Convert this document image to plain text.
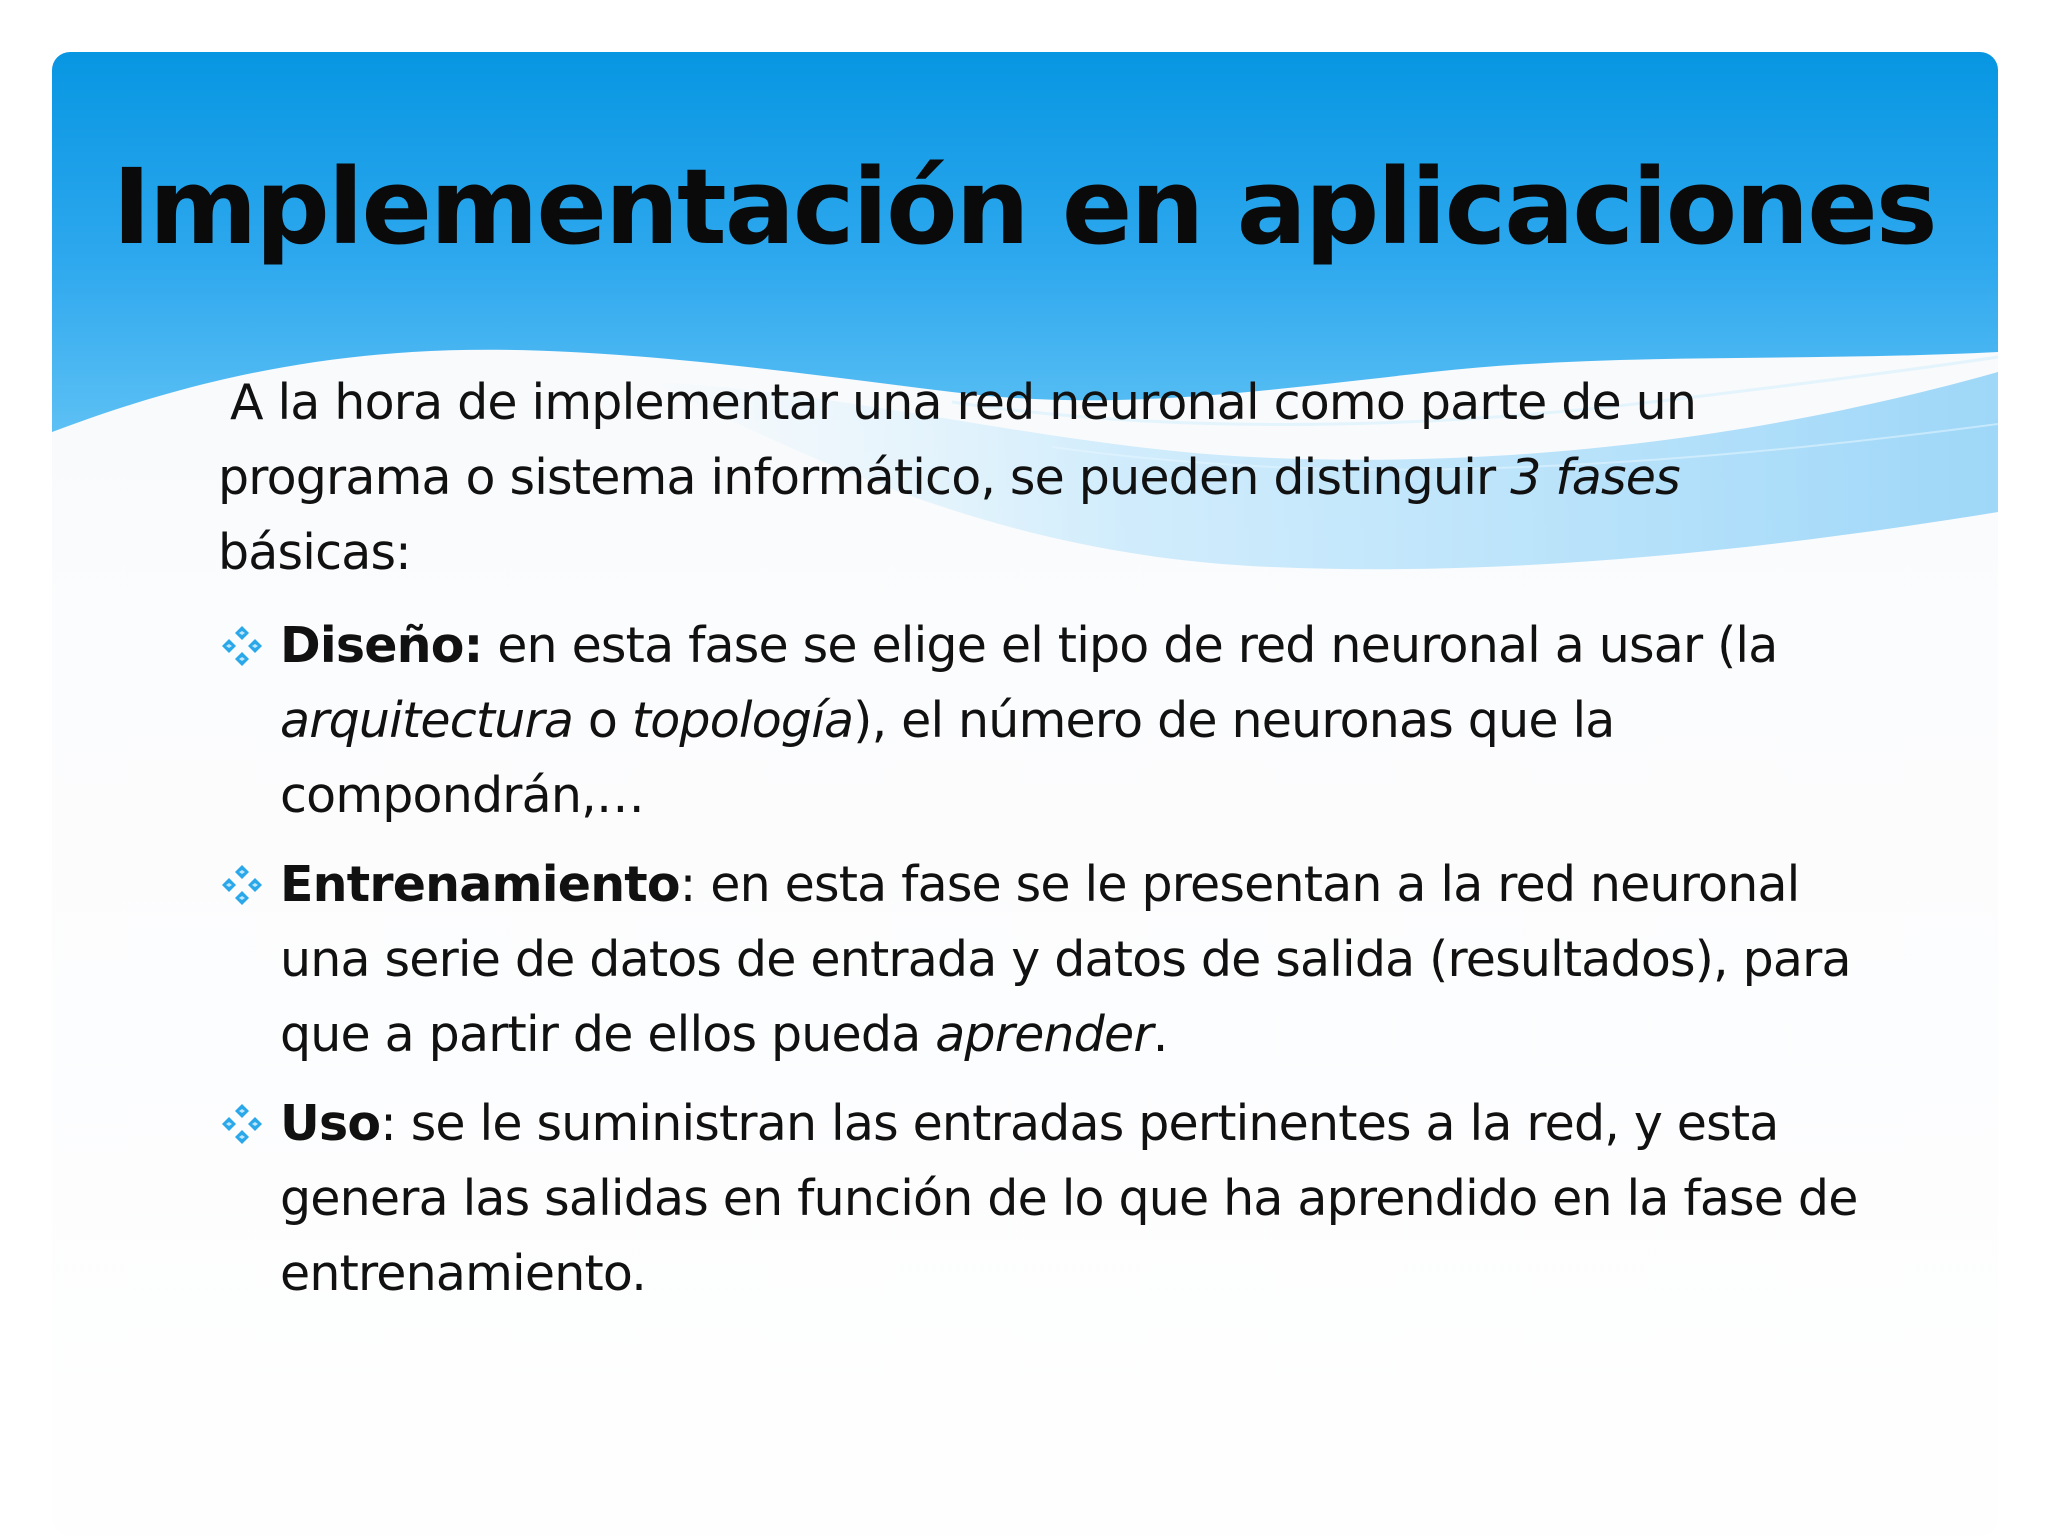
Implementación en aplicaciones

A la hora de implementar una red neuronal como parte de un programa o sistema informático, se pueden distinguir 3 fases básicas:

Diseño: en esta fase se elige el tipo de red neuronal a usar (la arquitectura o topología), el número de neuronas que la compondrán,…
Entrenamiento: en esta fase se le presentan a la red neuronal una serie de datos de entrada y datos de salida (resultados), para que a partir de ellos pueda aprender.
Uso: se le suministran las entradas pertinentes a la red, y esta genera las salidas en función de lo que ha aprendido en la fase de entrenamiento.
